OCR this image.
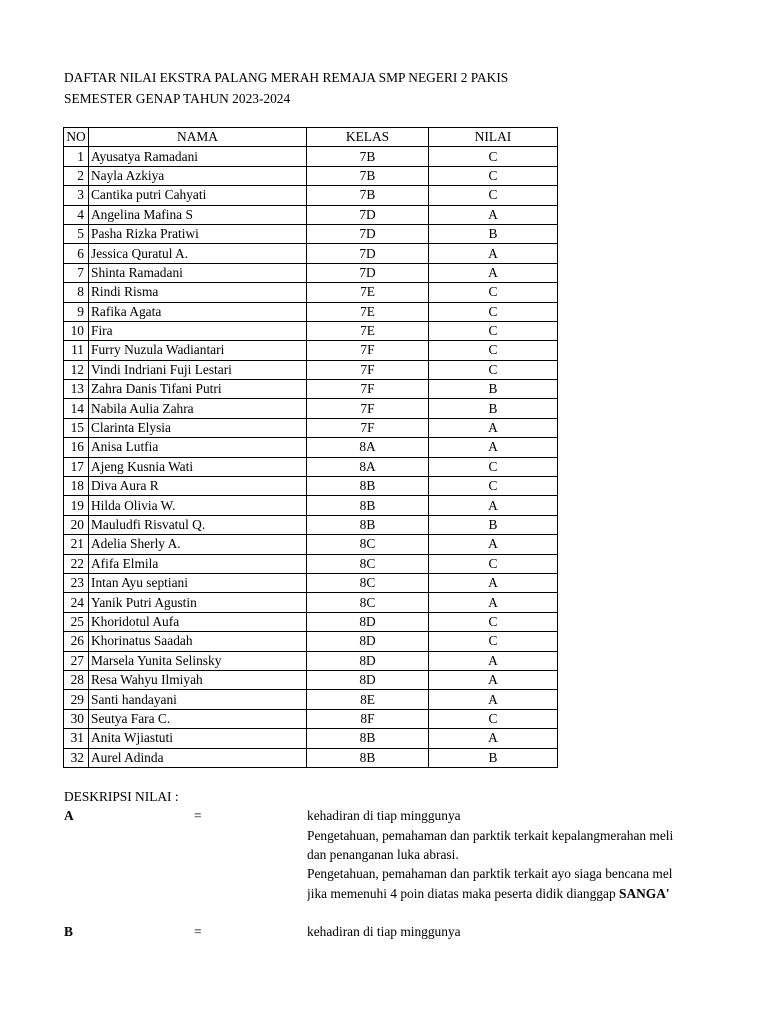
DAFTAR NILAI EKSTRA PALANG MERAH REMAJA SMP NEGERI 2 PAKIS
SEMESTER GENAP TAHUN 2023-2024
NO	NAMA	KELAS	NILAI
1	Ayusatya Ramadani	7B	C
2	Nayla Azkiya	7B	C
3	Cantika putri Cahyati	7B	C
4	Angelina Mafina S	7D	A
5	Pasha Rizka Pratiwi	7D	B
6	Jessica Quratul A.	7D	A
7	Shinta Ramadani	7D	A
8	Rindi Risma	7E	C
9	Rafika Agata	7E	C
10	Fira	7E	C
11	Furry Nuzula Wadiantari	7F	C
12	Vindi Indriani Fuji Lestari	7F	C
13	Zahra Danis Tifani Putri	7F	B
14	Nabila Aulia Zahra	7F	B
15	Clarinta Elysia	7F	A
16	Anisa Lutfia	8A	A
17	Ajeng Kusnia Wati	8A	C
18	Diva Aura R	8B	C
19	Hilda Olivia W.	8B	A
20	Mauludfi Risvatul Q.	8B	B
21	Adelia Sherly A.	8C	A
22	Afifa Elmila	8C	C
23	Intan Ayu septiani	8C	A
24	Yanik Putri Agustin	8C	A
25	Khoridotul Aufa	8D	C
26	Khorinatus Saadah	8D	C
27	Marsela Yunita Selinsky	8D	A
28	Resa Wahyu Ilmiyah	8D	A
29	Santi handayani	8E	A
30	Seutya Fara C.	8F	C
31	Anita Wjiastuti	8B	A
32	Aurel Adinda	8B	B
DESKRIPSI NILAI :
A	=	kehadiran di tiap minggunya
Pengetahuan, pemahaman dan parktik terkait kepalangmerahan meli
dan penanganan luka abrasi.
Pengetahuan, pemahaman dan parktik terkait ayo siaga bencana mel
jika memenuhi 4 poin diatas maka peserta didik dianggap SANGA'
B	=	kehadiran di tiap minggunya
